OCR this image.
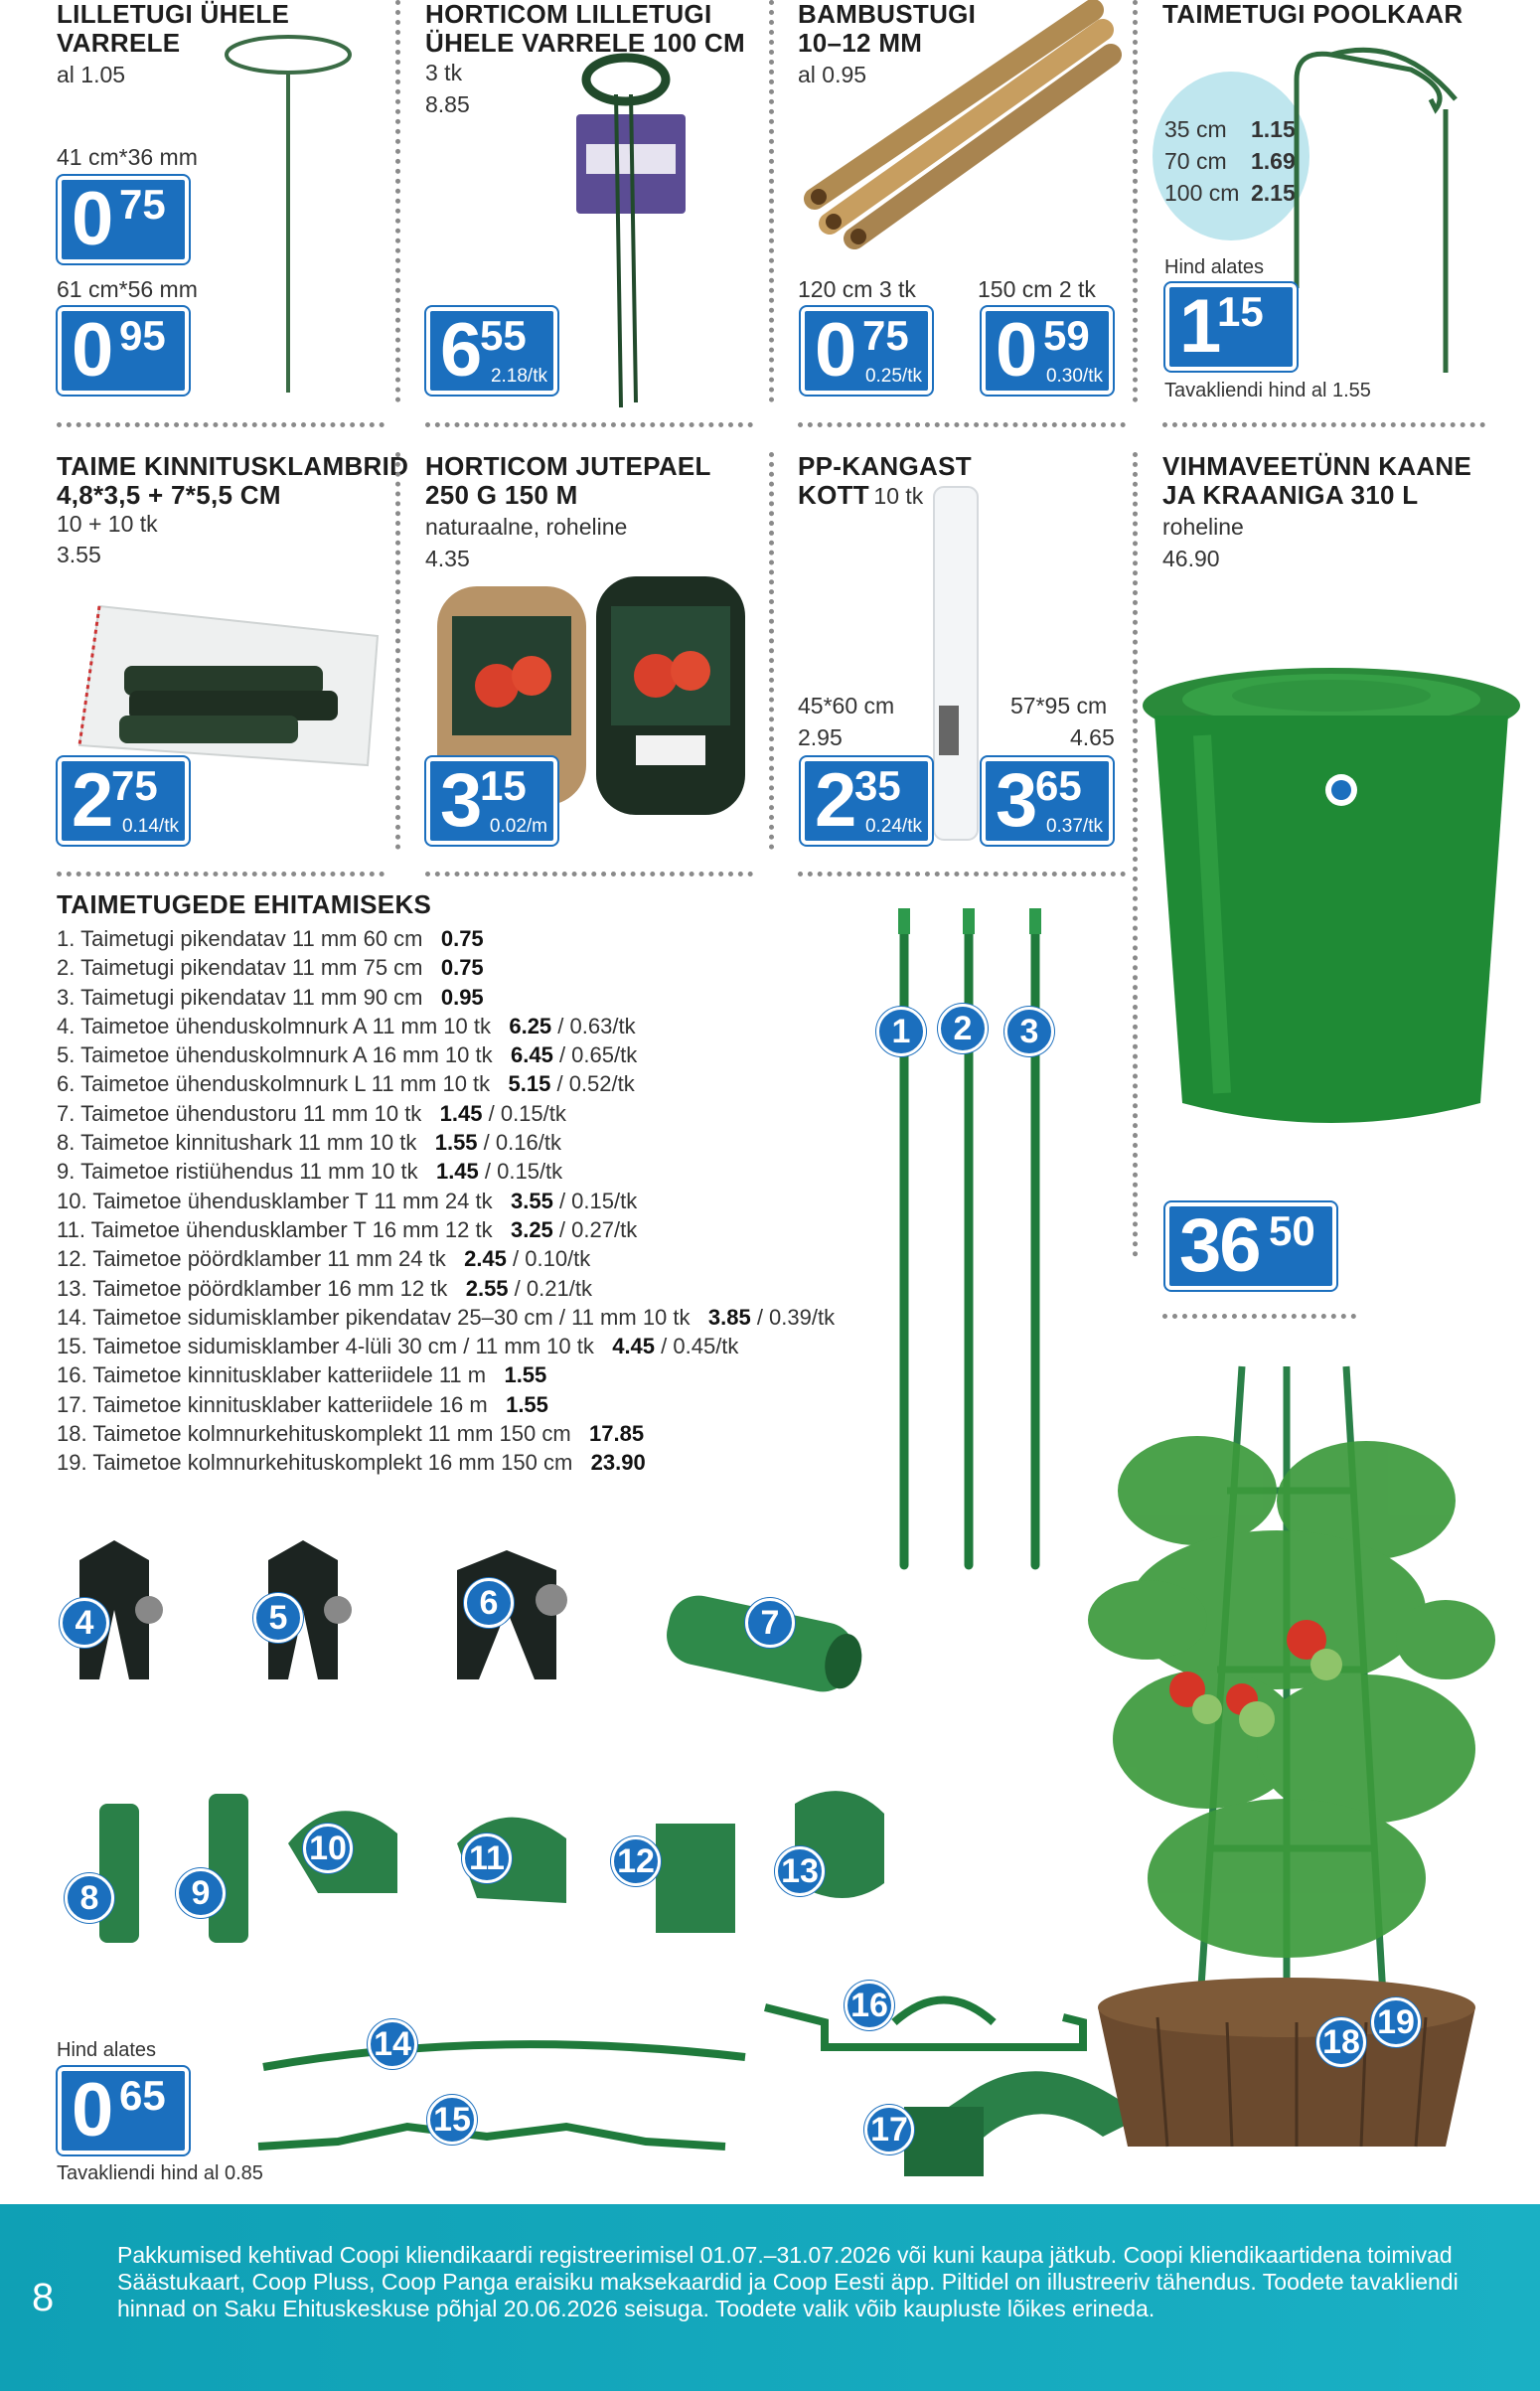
LILLETUGI ÜHELE
VARRELE
al 1.05
41 cm*36 mm
0 75
61 cm*56 mm
0 95
HORTICOM LILLETUGI
ÜHELE VARRELE 100 CM
3 tk
8.85
6 55
2.18/tk
BAMBUSTUGI
10–12 MM
al 0.95
120 cm 3 tk	150 cm 2 tk
0 75
0.25/tk 0 59
0.30/tk
TAIMETUGI POOLKAAR
35 cm 1.15
70 cm 1.69
100 cm 2.15
Hind alates
1
15
Tavakliendi hind al 1.55
TAIME KINNITUSKLAMBRID
4,8*3,5 + 7*5,5 CM
10 + 10 tk
3.55
2 75
0.14/tk
HORTICOM JUTEPAEL
250 G 150 M
naturaalne, roheline
4.35
3 15
0.02/m
PP-KANGAST
KOTT 10 tk
45*60 cm
2.95
57*95 cm
4.65
2 35
0.24/tk 3 65
0.37/tk
VIHMAVEETÜNN KAANE
JA KRAANIGA 310 L
roheline
46.90
36 50
TAIMETUGEDE EHITAMISEKS
1. Taimetugi pikendatav 11 mm 60 cm 0.75
2. Taimetugi pikendatav 11 mm 75 cm 0.75
3. Taimetugi pikendatav 11 mm 90 cm 0.95
4. Taimetoe ühenduskolmnurk A 11 mm 10 tk 6.25 / 0.63/tk
5. Taimetoe ühenduskolmnurk A 16 mm 10 tk 6.45 / 0.65/tk
6. Taimetoe ühenduskolmnurk L 11 mm 10 tk 5.15 / 0.52/tk
7. Taimetoe ühendustoru 11 mm 10 tk 1.45 / 0.15/tk
8. Taimetoe kinnitushark 11 mm 10 tk 1.55 / 0.16/tk
9. Taimetoe ristiühendus 11 mm 10 tk 1.45 / 0.15/tk
10. Taimetoe ühendusklamber T 11 mm 24 tk 3.55 / 0.15/tk
11. Taimetoe ühendusklamber T 16 mm 12 tk 3.25 / 0.27/tk
12. Taimetoe pöördklamber 11 mm 24 tk 2.45 / 0.10/tk
13. Taimetoe pöördklamber 16 mm 12 tk 2.55 / 0.21/tk
14. Taimetoe sidumisklamber pikendatav 25–30 cm / 11 mm 10 tk 3.85 / 0.39/tk
15. Taimetoe sidumisklamber 4-lüli 30 cm / 11 mm 10 tk 4.45 / 0.45/tk
16. Taimetoe kinnitusklaber katteriidele 11 m 1.55
17. Taimetoe kinnitusklaber katteriidele 16 m 1.55
18. Taimetoe kolmnurkehituskomplekt 11 mm 150 cm 17.85
19. Taimetoe kolmnurkehituskomplekt 16 mm 150 cm 23.90
1	2	3
4	5	6
7
8	9
10	11	12	13
14
15
16
17
18
19
Hind alates
0 65
Tavakliendi hind al 0.85
8
Pakkumised kehtivad Coopi kliendikaardi registreerimisel 01.07.–31.07.2026 või kuni kaupa jätkub. Coopi kliendikaartidena toimivad Säästukaart, Coop Pluss, Coop Panga eraisiku maksekaardid ja Coop Eesti äpp. Piltidel on illustreeriv tähendus. Toodete tavakliendi hinnad on Saku Ehituskeskuse põhjal 20.06.2026 seisuga. Toodete valik võib kaupluste lõikes erineda.
